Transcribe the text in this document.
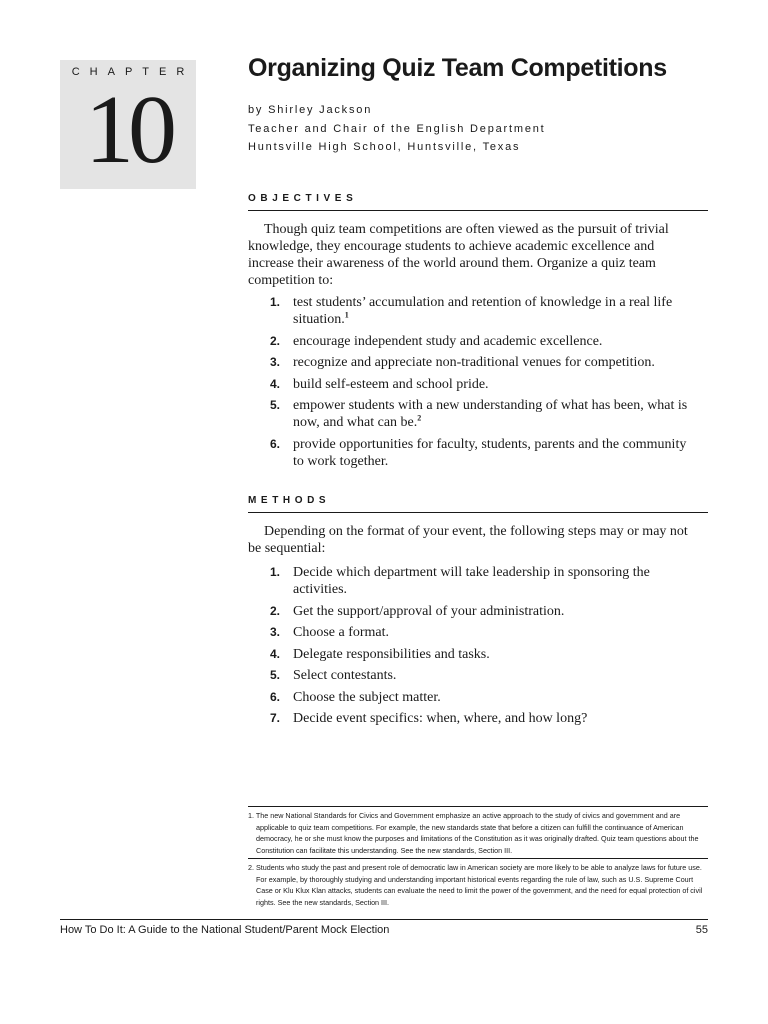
CHAPTER
10
Organizing Quiz Team Competitions
by Shirley Jackson
Teacher and Chair of the English Department
Huntsville High School, Huntsville, Texas
OBJECTIVES

Though quiz team competitions are often viewed as the pursuit of trivial knowledge, they encourage students to achieve academic excellence and increase their awareness of the world around them. Organize a quiz team competition to:

1. test students’ accumulation and retention of knowledge in a real life situation.$^1$
2. encourage independent study and academic excellence.
3. recognize and appreciate non-traditional venues for competition.
4. build self-esteem and school pride.
5. empower students with a new understanding of what has been, what is now, and what can be.$^2$
6. provide opportunities for faculty, students, parents and the community to work together.
METHODS

Depending on the format of your event, the following steps may or may not be sequential:

1. Decide which department will take leadership in sponsoring the activities.
2. Get the support/approval of your administration.
3. Choose a format.
4. Delegate responsibilities and tasks.
5. Select contestants.
6. Choose the subject matter.
7. Decide event specifics: when, where, and how long?
1. The new National Standards for Civics and Government emphasize an active approach to the study of civics and government and are applicable to quiz team competitions. For example, the new standards state that before a citizen can fulfill the continuance of American democracy, he or she must know the purposes and limitations of the Constitution as it was originally drafted. Quiz team questions about the Constitution can facilitate this understanding. See the new standards, Section III.
2. Students who study the past and present role of democratic law in American society are more likely to be able to analyze laws for future use. For example, by thoroughly studying and understanding important historical events regarding the rule of law, such as U.S. Supreme Court Case or Klu Klux Klan attacks, students can evaluate the need to limit the power of the government, and the need for equal protection of civil rights. See the new standards, Section III.
How To Do It: A Guide to the National Student/Parent Mock Election	55
